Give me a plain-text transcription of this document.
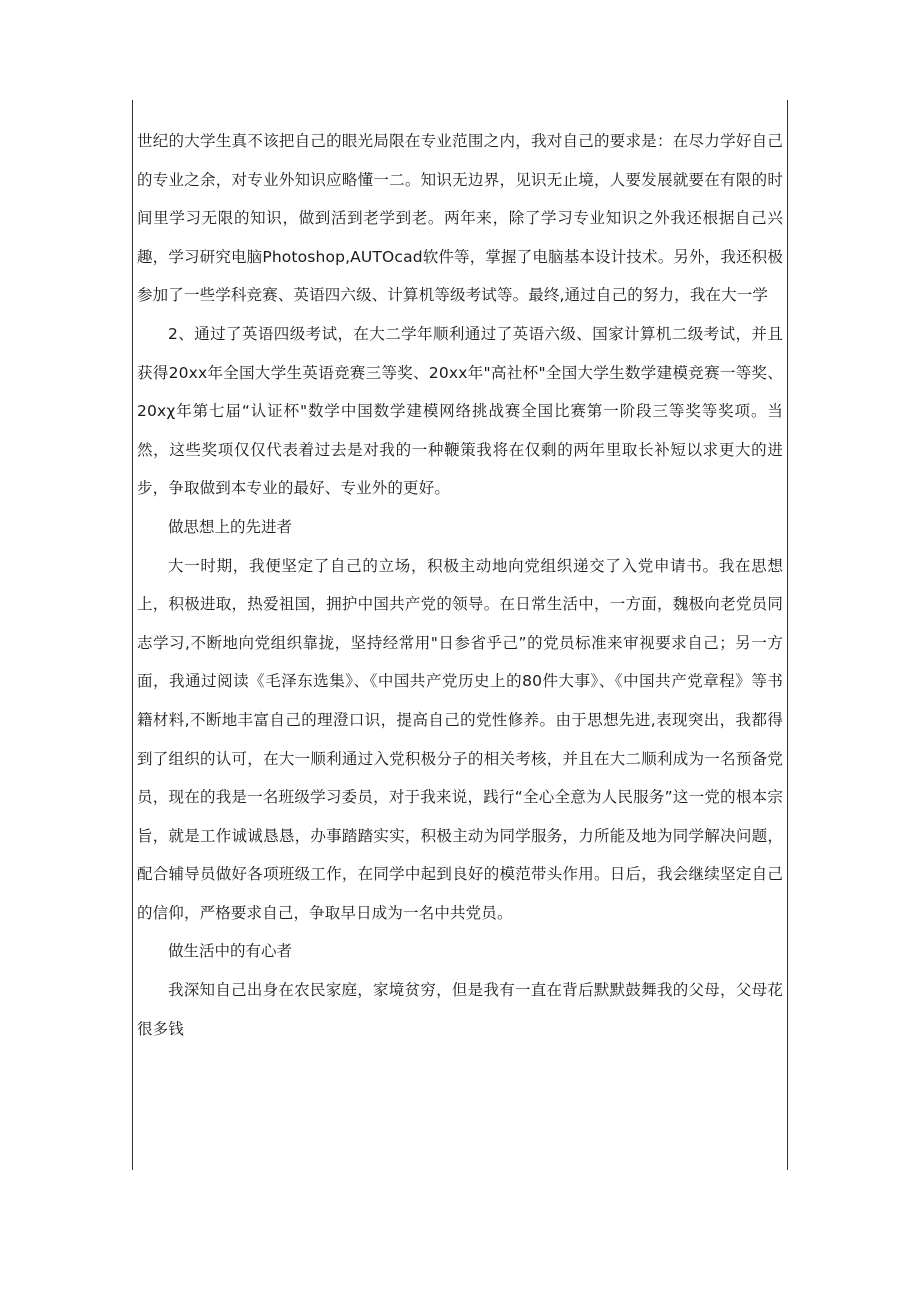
世纪的大学生真不该把自己的眼光局限在专业范围之内，我对自己的要求是：在尽力学好自己的专业之余，对专业外知识应略懂一二。知识无边界，见识无止境，人要发展就要在有限的时间里学习无限的知识，做到活到老学到老。两年来，除了学习专业知识之外我还根据自己兴趣，学习研究电脑Photoshop,AUTOcad软件等，掌握了电脑基本设计技术。另外，我还积极参加了一些学科竞赛、英语四六级、计算机等级考试等。最终,通过自己的努力，我在大一学

2、通过了英语四级考试，在大二学年顺利通过了英语六级、国家计算机二级考试，并且获得20xx年全国大学生英语竞赛三等奖、20xx年"高社杯"全国大学生数学建模竞赛一等奖、20xχ年第七届“认证杯"数学中国数学建模网络挑战赛全国比赛第一阶段三等奖等奖项。当然，这些奖项仅仅代表着过去是对我的一种鞭策我将在仅剩的两年里取长补短以求更大的进步，争取做到本专业的最好、专业外的更好。

做思想上的先进者

大一时期，我便坚定了自己的立场，积极主动地向党组织递交了入党申请书。我在思想上，积极进取，热爱祖国，拥护中国共产党的领导。在日常生活中，一方面，魏极向老党员同志学习,不断地向党组织靠拢，坚持经常用"日参省乎己”的党员标准来审视要求自己；另一方面，我通过阅读《毛泽东选集》、《中国共产党历史上的80件大事》、《中国共产党章程》等书籍材料,不断地丰富自己的理澄口识，提高自己的党性修养。由于思想先进,表现突出，我都得到了组织的认可，在大一顺利通过入党积极分子的相关考核，并且在大二顺利成为一名预备党员，现在的我是一名班级学习委员，对于我来说，践行“全心全意为人民服务”这一党的根本宗旨，就是工作诚诚恳恳，办事踏踏实实，积极主动为同学服务，力所能及地为同学解决问题，配合辅导员做好各项班级工作，在同学中起到良好的模范带头作用。日后，我会继续坚定自己的信仰，严格要求自己，争取早日成为一名中共党员。

做生活中的有心者

我深知自己出身在农民家庭，家境贫穷，但是我有一直在背后默默鼓舞我的父母，父母花很多钱
